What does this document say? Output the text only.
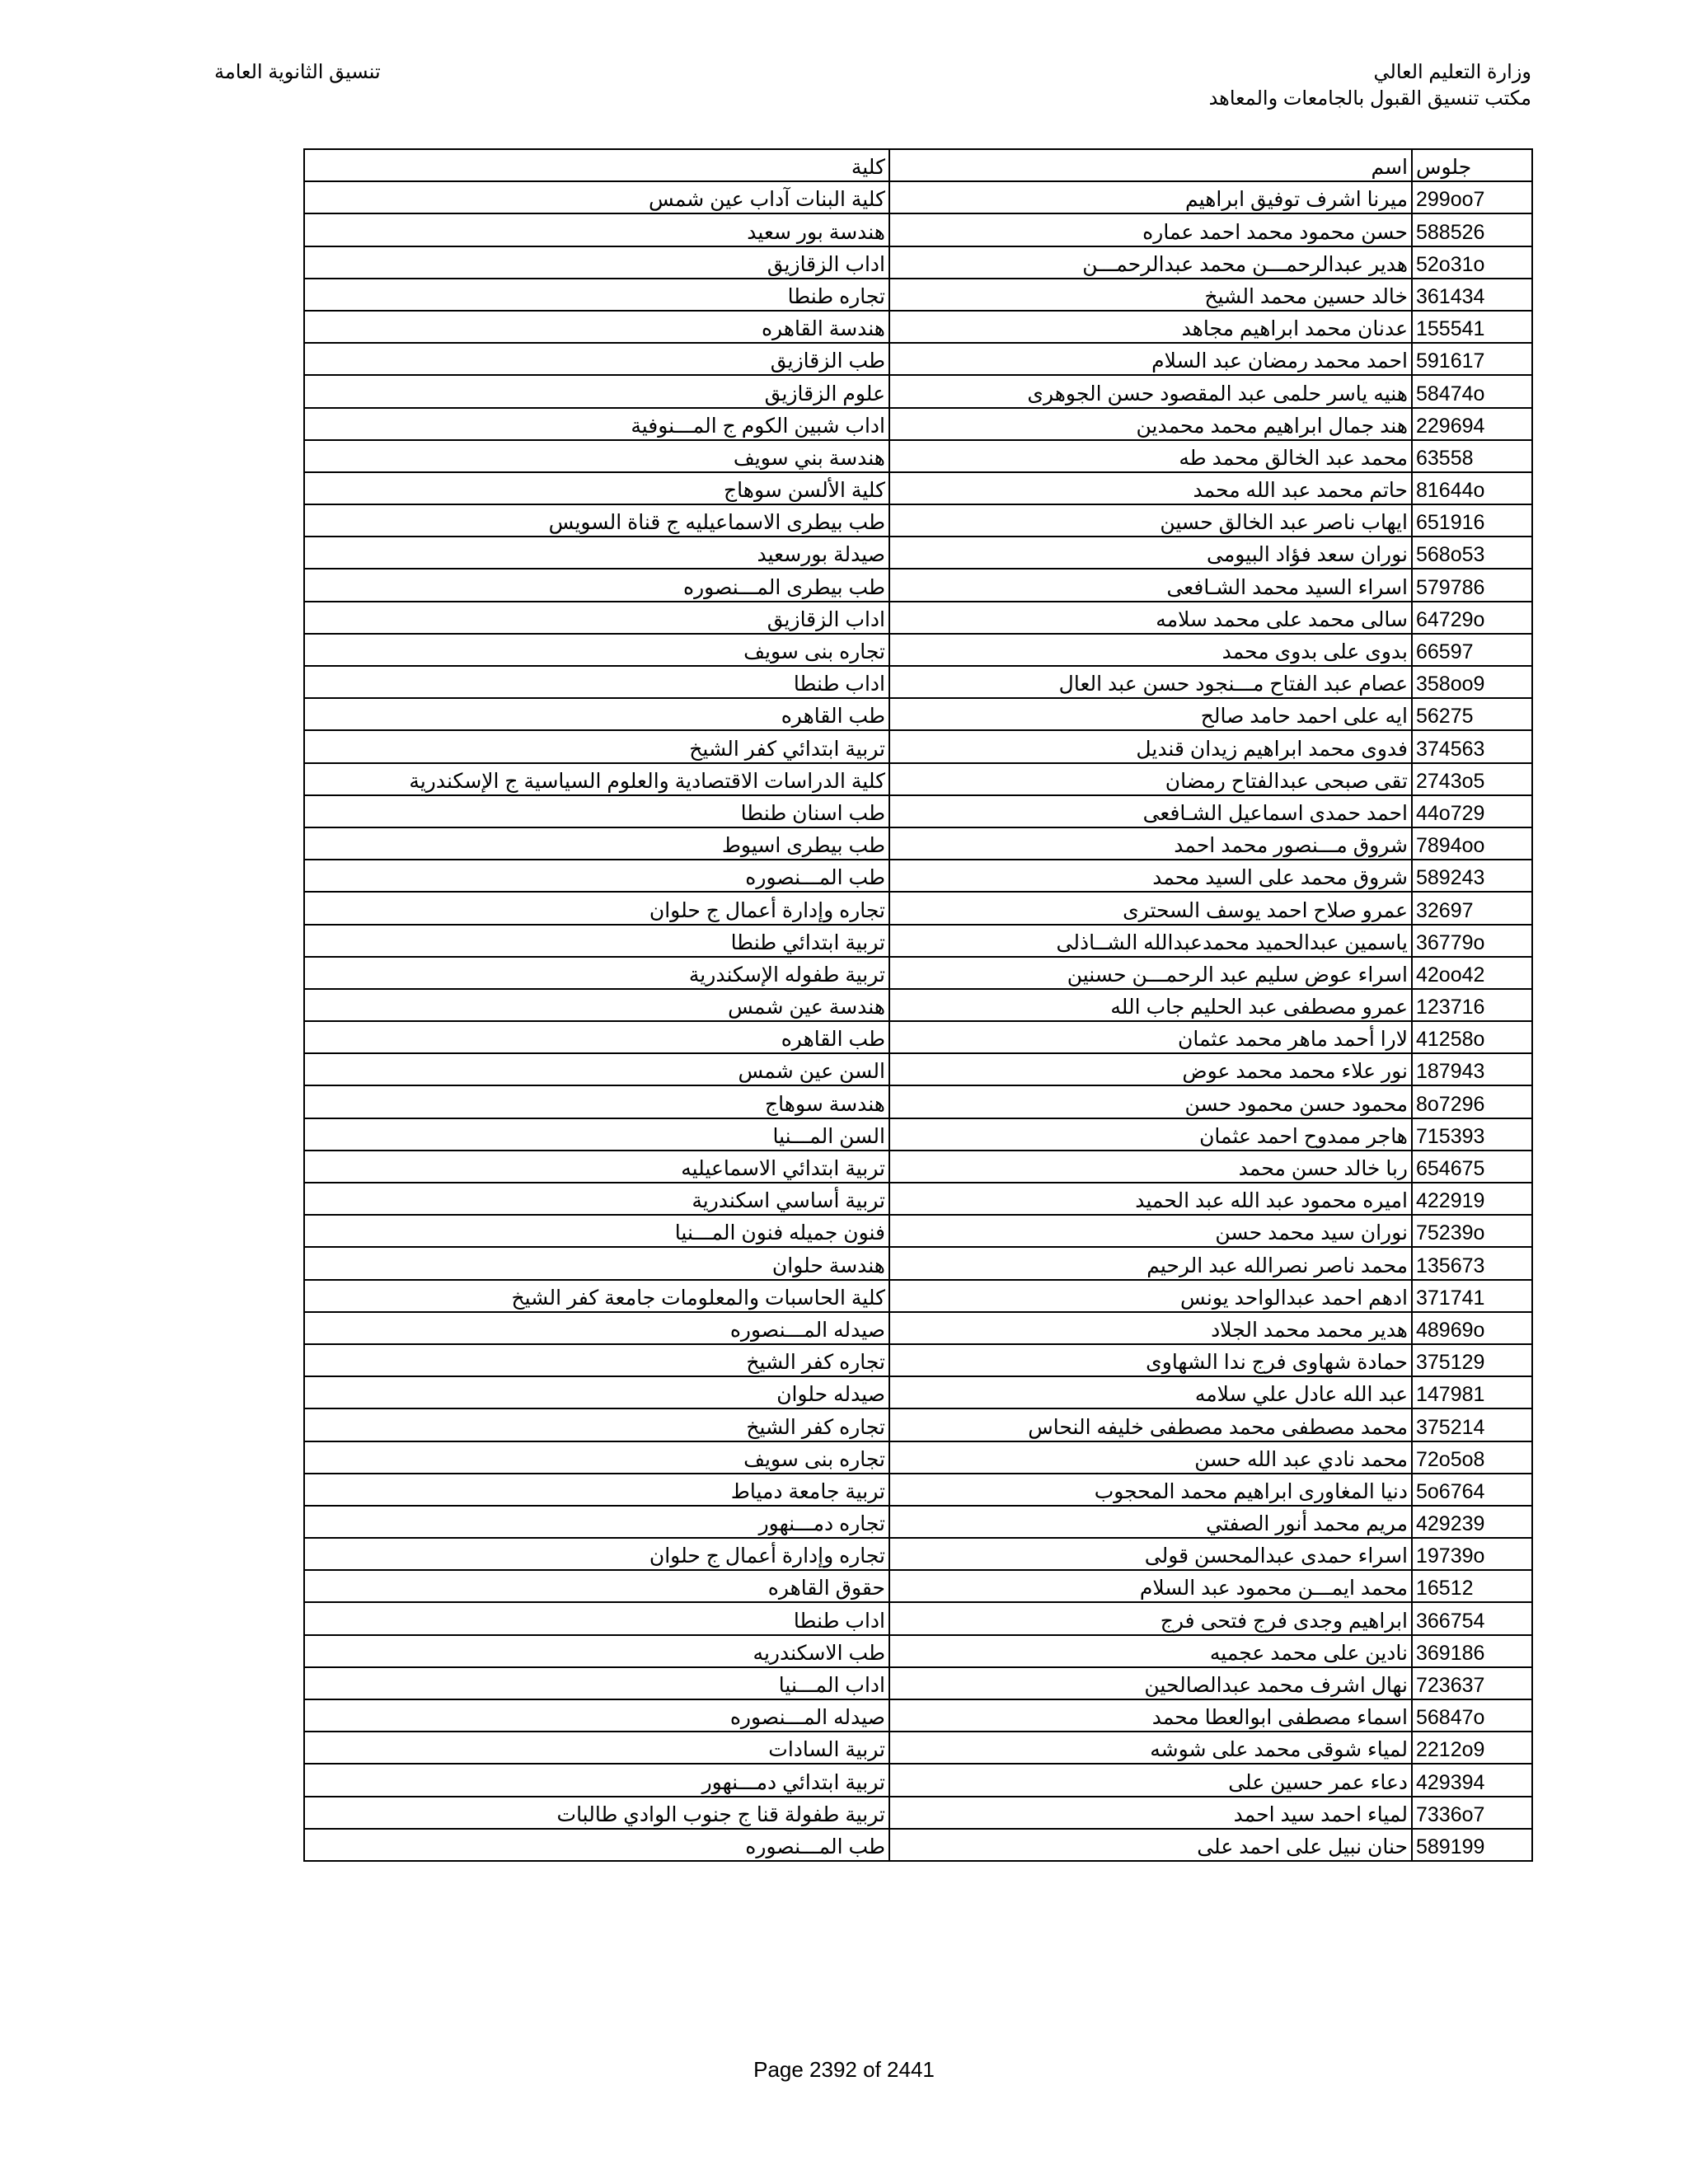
وزارة التعليم العالي
مكتب تنسيق القبول بالجامعات والمعاهد
تنسيق الثانوية العامة
جلوس	اسم	كلية
299oo7	ميرنا اشرف توفيق ابراهيم	كلية البنات آداب عين شمس
588526	حسن محمود محمد احمد عماره	هندسة بور سعيد
52o31o	هدير عبدالرحمـــن محمد عبدالرحمـــن	اداب الزقازيق
361434	خالد حسين محمد الشيخ	تجاره طنطا
155541	عدنان محمد ابراهيم مجاهد	هندسة القاهره
591617	احمد محمد رمضان عبد السلام	طب الزقازيق
58474o	هنيه ياسر حلمى عبد المقصود حسن الجوهرى	علوم الزقازيق
229694	هند جمال ابراهيم محمد محمدين	اداب شبين الكوم ج المـــنوفية
63558	محمد عبد الخالق محمد طه	هندسة بني سويف
81644o	حاتم محمد عبد الله محمد	كلية الألسن سوهاج
651916	ايهاب ناصر عبد الخالق حسين	طب بيطرى الاسماعيليه ج قناة السويس
568o53	نوران سعد فؤاد البيومى	صيدلة بورسعيد
579786	اسراء السيد محمد الشـافعى	طب بيطرى المـــنصوره
64729o	سالى محمد على محمد سلامه	اداب الزقازيق
66597	بدوى على بدوى محمد	تجاره بنى سويف
358oo9	عصام عبد الفتاح مـــنجود حسن عبد العال	اداب طنطا
56275	ايه على احمد حامد صالح	طب القاهره
374563	فدوى محمد ابراهيم زيدان قنديل	تربية ابتدائي كفر الشيخ
2743o5	تقى صبحى عبدالفتاح رمضان	كلية الدراسات الاقتصادية والعلوم السياسية ج الإسكندرية
44o729	احمد حمدى اسماعيل الشـافعى	طب اسنان طنطا
7894oo	شروق مـــنصور محمد احمد	طب بيطرى اسيوط
589243	شروق محمد على السيد محمد	طب المـــنصوره
32697	عمرو صلاح احمد يوسف السحترى	تجاره وإدارة أعمال ج حلوان
36779o	ياسمين عبدالحميد محمدعبدالله الشــاذلى	تربية ابتدائي طنطا
42oo42	اسراء عوض سليم عبد الرحمـــن حسنين	تربية طفوله الإسكندرية
123716	عمرو مصطفى عبد الحليم جاب الله	هندسة عين شمس
41258o	لارا أحمد ماهر محمد عثمان	طب القاهره
187943	نور علاء محمد محمد عوض	السن عين شمس
8o7296	محمود حسن محمود حسن	هندسة سوهاج
715393	هاجر ممدوح احمد عثمان	السن المـــنيا
654675	ربا خالد حسن محمد	تربية ابتدائي الاسماعيليه
422919	اميره محمود عبد الله عبد الحميد	تربية أساسي اسكندرية
75239o	نوران سيد محمد حسن	فنون جميله فنون المـــنيا
135673	محمد ناصر نصرالله عبد الرحيم	هندسة حلوان
371741	ادهم احمد عبدالواحد يونس	كلية الحاسبات والمعلومات جامعة كفر الشيخ
48969o	هدير محمد محمد الجلاد	صيدله المـــنصوره
375129	حمادة شهاوى فرج ندا الشهاوى	تجاره كفر الشيخ
147981	عبد الله عادل علي سلامه	صيدله حلوان
375214	محمد مصطفى محمد مصطفى خليفه النحاس	تجاره كفر الشيخ
72o5o8	محمد نادي عبد الله حسن	تجاره بنى سويف
5o6764	دنيا المغاورى ابراهيم محمد المحجوب	تربية جامعة دمياط
429239	مريم محمد أنور الصفتي	تجاره دمـــنهور
19739o	اسراء حمدى عبدالمحسن قولى	تجاره وإدارة أعمال ج حلوان
16512	محمد ايمـــن محمود عبد السلام	حقوق القاهره
366754	ابراهيم وجدى فرج فتحى فرج	اداب طنطا
369186	نادين على محمد عجميه	طب الاسكندريه
723637	نهال اشرف محمد عبدالصالحين	اداب المـــنيا
56847o	اسماء مصطفى ابوالعطا محمد	صيدله المـــنصوره
2212o9	لمياء شوقى محمد على شوشه	تربية السادات
429394	دعاء عمر حسين على	تربية ابتدائي دمـــنهور
7336o7	لمياء احمد سيد احمد	تربية طفولة قنا ج جنوب الوادي طالبات
589199	حنان نبيل على احمد على	طب المـــنصوره
Page 2392 of 2441
